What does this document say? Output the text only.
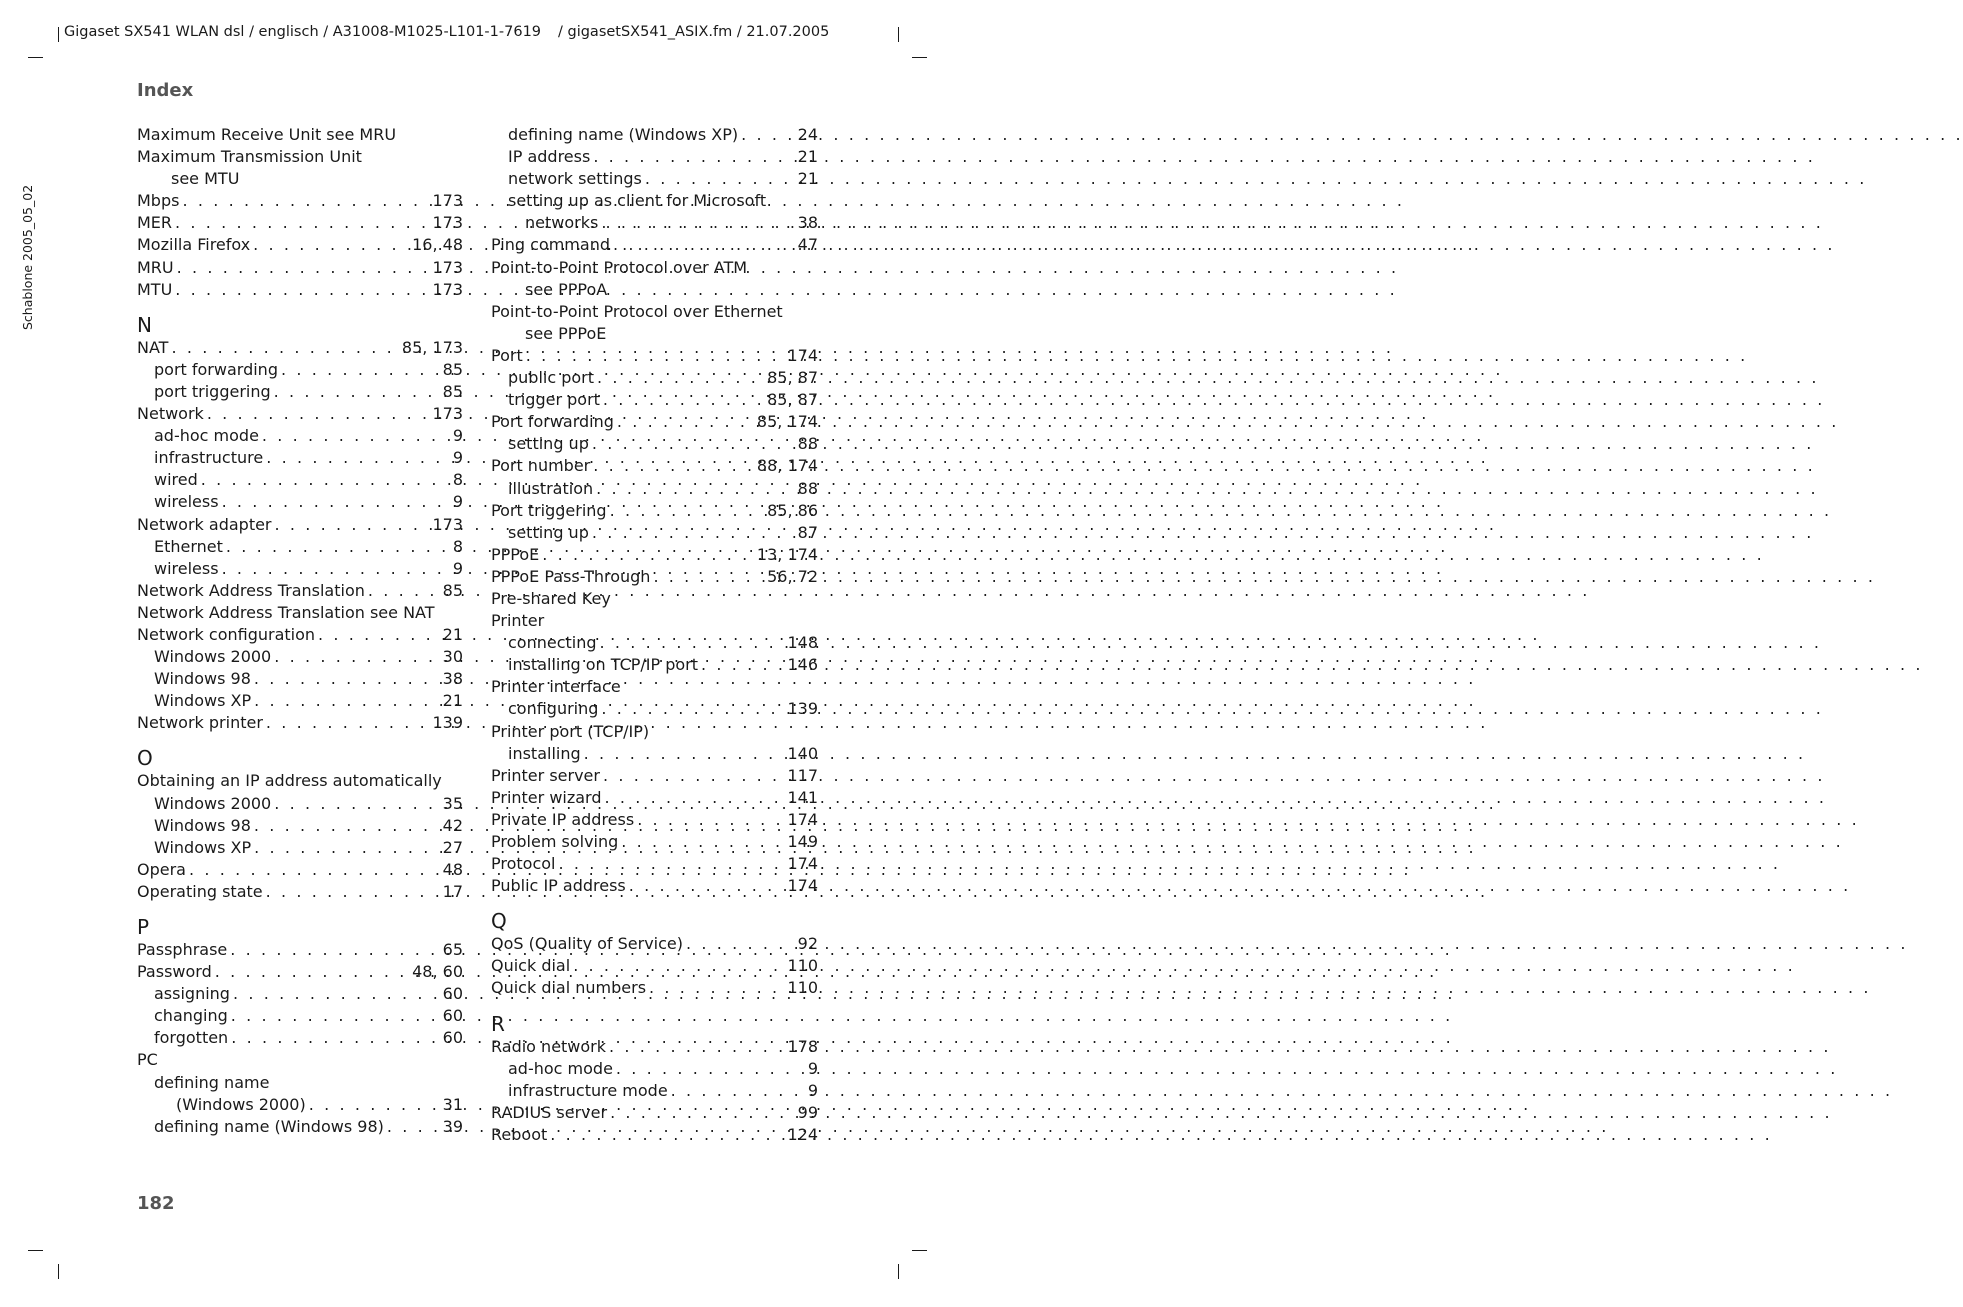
Gigaset SX541 WLAN dsl / englisch / A31008-M1025-L101-1-7619 / gigasetSX541_ASIX.fm / 21.07.2005
Schablone 2005_05_02
Index
Maximum Receive Unit see MRU
Maximum Transmission Unit
see MTU
Mbps . . .	173
MER . . .	173
Mozilla Firefox . . .	16, 48
MRU . . .	173
MTU . . .	173
N
NAT . . .	85, 173
port forwarding . . .	85
port triggering . . .	85
Network . . .	173
ad-hoc mode . . .	9
infrastructure . . .	9
wired . . .	8
wireless . . .	9
Network adapter . . .	173
Ethernet . . .	8
wireless . . .	9
Network Address Translation . . .	85
Network Address Translation see NAT
Network configuration . . .	21
Windows 2000 . . .	30
Windows 98 . . .	38
Windows XP . . .	21
Network printer . . .	139
O
Obtaining an IP address automatically
Windows 2000 . . .	35
Windows 98 . . .	42
Windows XP . . .	27
Opera . . .	48
Operating state . . .	17
P
Passphrase . . .	65
Password . . .	48, 60
assigning . . .	60
changing . . .	60
forgotten . . .	60
PC
defining name
(Windows 2000) . . .	31
defining name (Windows 98) . . .	39
defining name (Windows XP) . . .	24
IP address . . .	21
network settings . . .	21
setting up as client for Microsoft
networks . . .	38
Ping command . . .	47
Point-to-Point Protocol over ATM
see PPPoA
Point-to-Point Protocol over Ethernet
see PPPoE
Port . . .	174
public port . . .	85, 87
trigger port . . .	85, 87
Port forwarding . . .	85, 174
setting up . . .	88
Port number . . .	88, 174
illustration . . .	88
Port triggering . . .	85, 86
setting up . . .	87
PPPoE . . .	13, 174
PPPoE Pass-Through . . .	56, 72
Pre-shared Key
Printer
connecting . . .	148
installing on TCP/IP port . . .	146
Printer interface
configuring . . .	139
Printer port (TCP/IP)
installing . . .	140
Printer server . . .	117
Printer wizard . . .	141
Private IP address . . .	174
Problem solving . . .	149
Protocol . . .	174
Public IP address . . .	174
Q
QoS (Quality of Service) . . .	92
Quick dial . . .	110
Quick dial numbers . . .	110
R
Radio network . . .	178
ad-hoc mode . . .	9
infrastructure mode . . .	9
RADIUS server . . .	99
Reboot . . .	124
182
